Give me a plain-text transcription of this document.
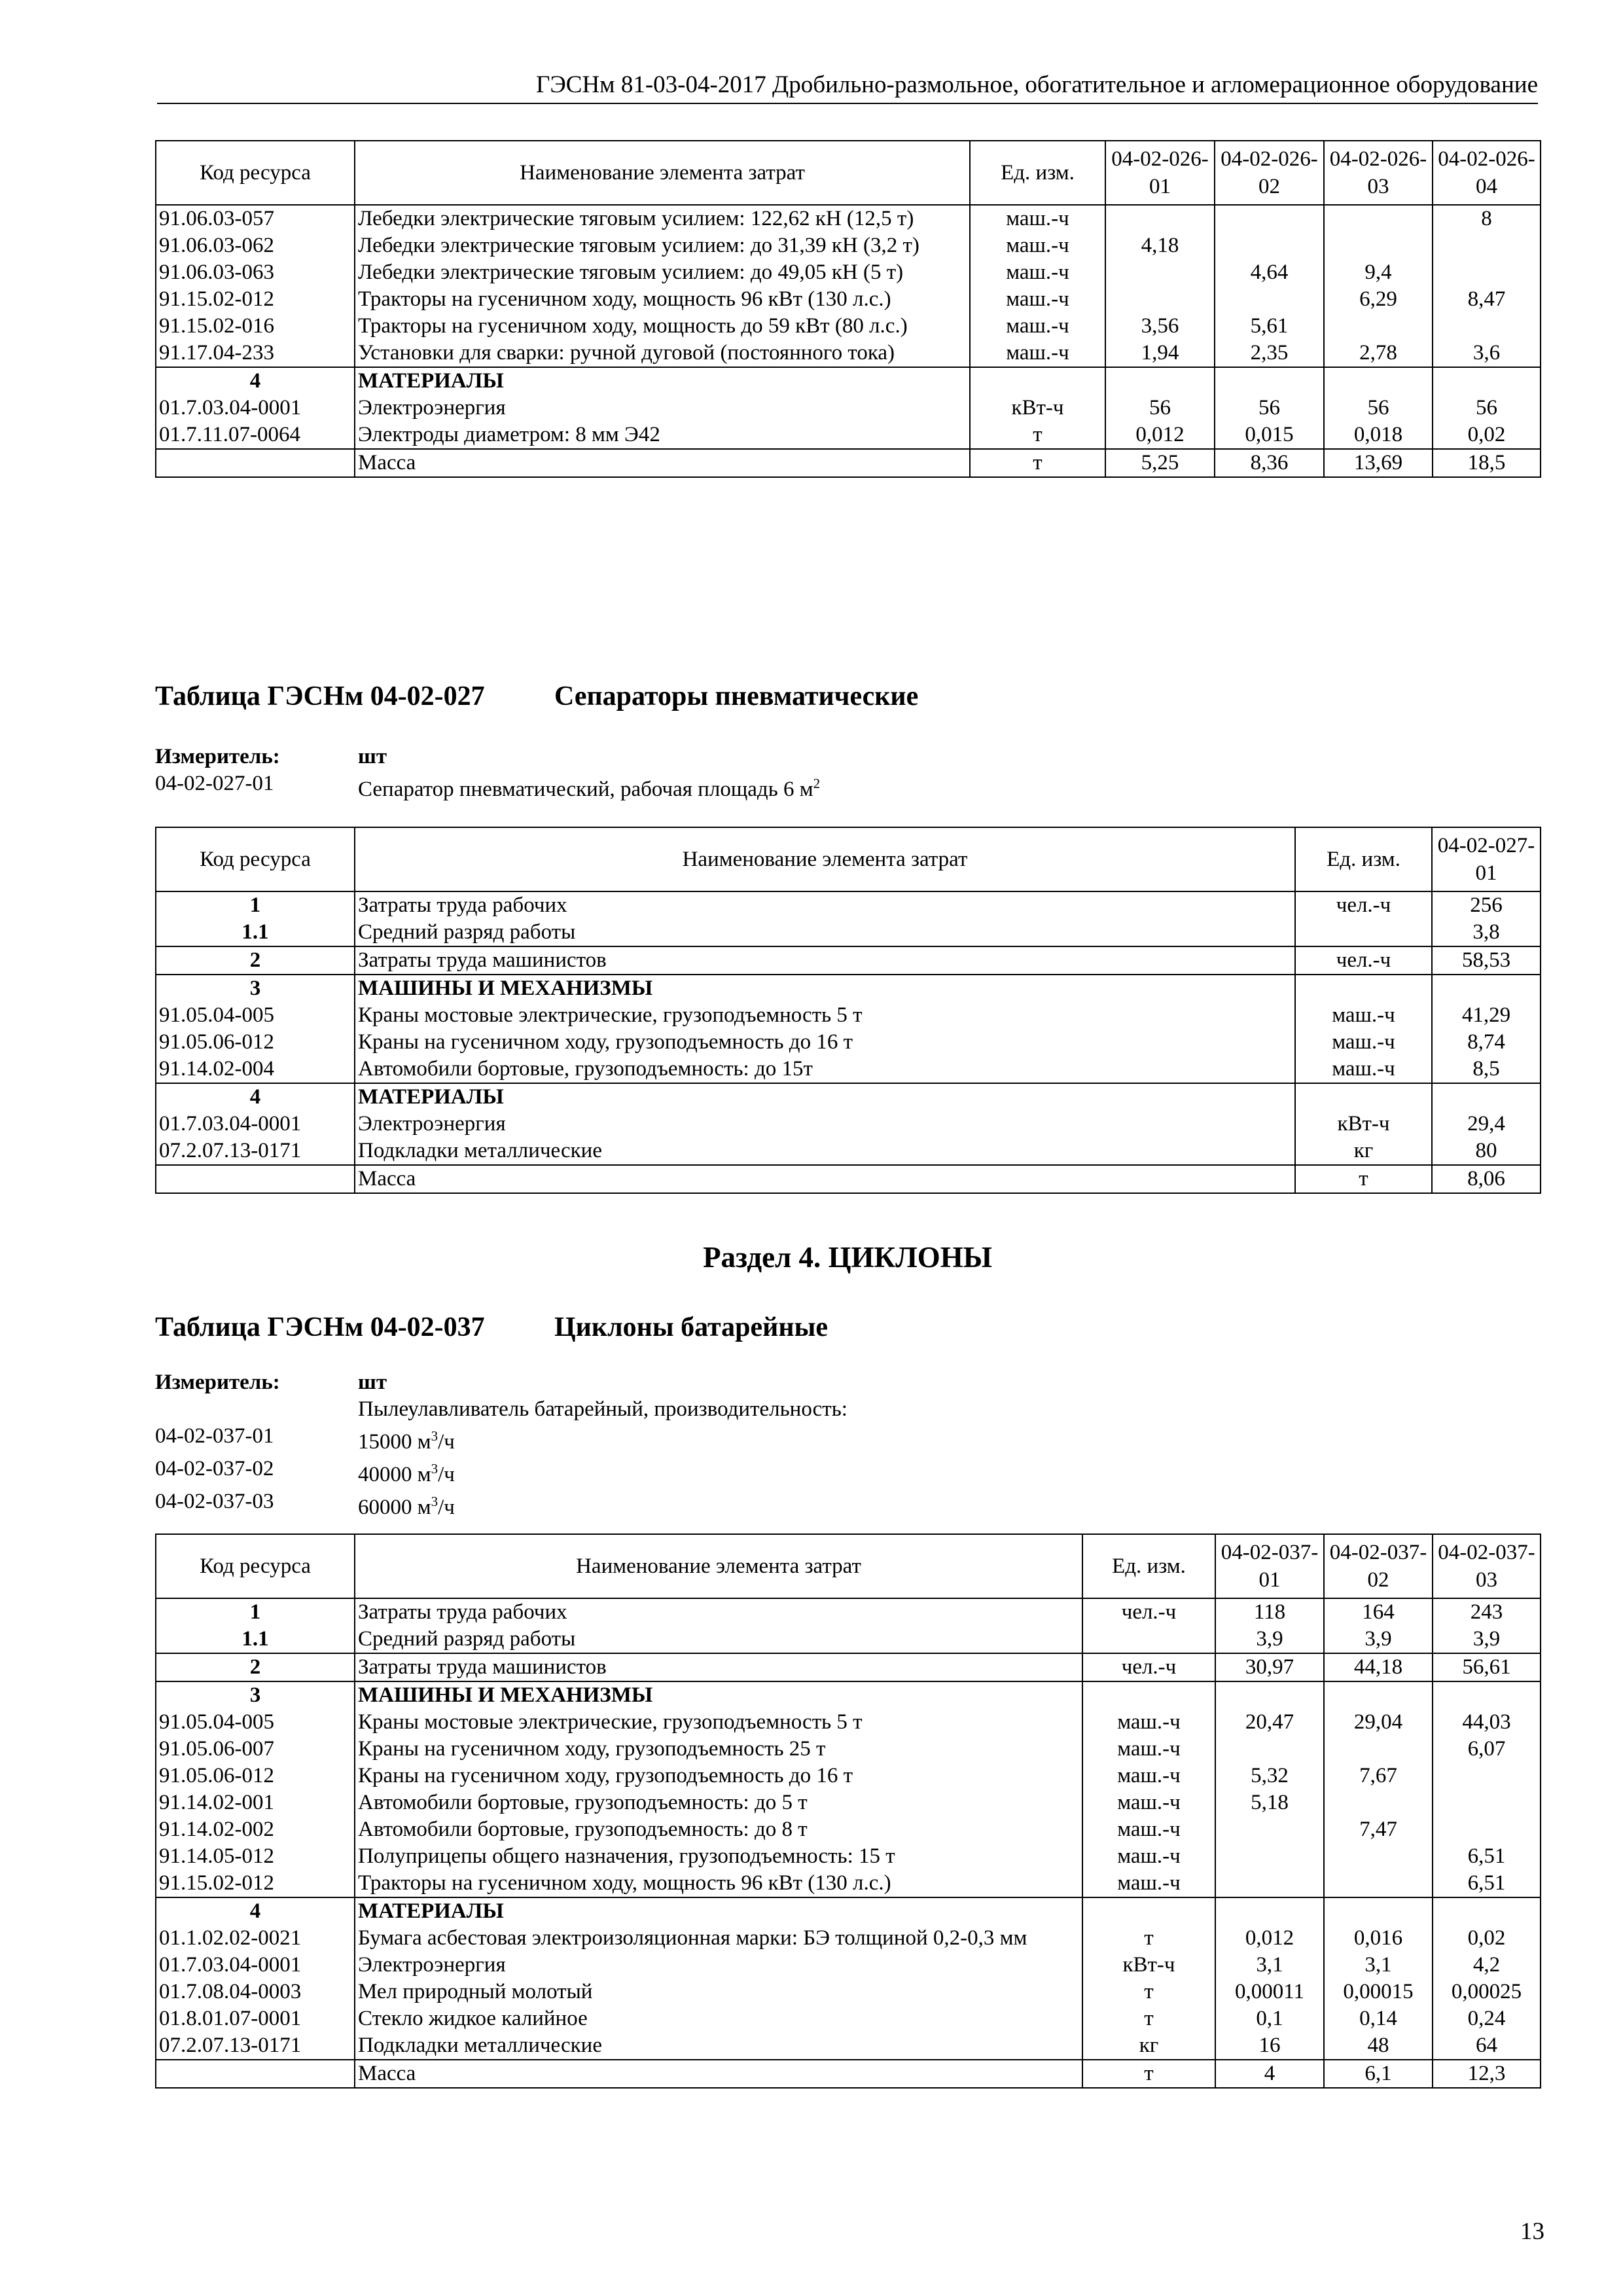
ГЭСНм 81-03-04-2017 Дробильно-размольное, обогатительное и агломерационное оборудование
Код ресурса	Наименование элемента затрат	Ед. изм.	04-02-026-01	04-02-026-02	04-02-026-03	04-02-026-04
91.06.03-057	Лебедки электрические тяговым усилием: 122,62 кН (12,5 т)	маш.-ч				8
91.06.03-062	Лебедки электрические тяговым усилием: до 31,39 кН (3,2 т)	маш.-ч	4,18			
91.06.03-063	Лебедки электрические тяговым усилием: до 49,05 кН (5 т)	маш.-ч		4,64	9,4	
91.15.02-012	Тракторы на гусеничном ходу, мощность 96 кВт (130 л.с.)	маш.-ч			6,29	8,47
91.15.02-016	Тракторы на гусеничном ходу, мощность до 59 кВт (80 л.с.)	маш.-ч	3,56	5,61		
91.17.04-233	Установки для сварки: ручной дуговой (постоянного тока)	маш.-ч	1,94	2,35	2,78	3,6
4	МАТЕРИАЛЫ					
01.7.03.04-0001	Электроэнергия	кВт-ч	56	56	56	56
01.7.11.07-0064	Электроды диаметром: 8 мм Э42	т	0,012	0,015	0,018	0,02
	Масса	т	5,25	8,36	13,69	18,5
Таблица ГЭСНм 04-02-027	Сепараторы пневматические
Измеритель:	шт
04-02-027-01	Сепаратор пневматический, рабочая площадь 6 $м^2$
Код ресурса	Наименование элемента затрат	Ед. изм.	04-02-027-01
1	Затраты труда рабочих	чел.-ч	256
1.1	Средний разряд работы		3,8
2	Затраты труда машинистов	чел.-ч	58,53
3	МАШИНЫ И МЕХАНИЗМЫ		
91.05.04-005	Краны мостовые электрические, грузоподъемность 5 т	маш.-ч	41,29
91.05.06-012	Краны на гусеничном ходу, грузоподъемность до 16 т	маш.-ч	8,74
91.14.02-004	Автомобили бортовые, грузоподъемность: до 15т	маш.-ч	8,5
4	МАТЕРИАЛЫ		
01.7.03.04-0001	Электроэнергия	кВт-ч	29,4
07.2.07.13-0171	Подкладки металлические	кг	80
	Масса	т	8,06
Раздел 4. ЦИКЛОНЫ
Таблица ГЭСНм 04-02-037	Циклоны батарейные
Измеритель:	шт
Пылеулавливатель батарейный, производительность:
04-02-037-01	15000 $м^3/ч$
04-02-037-02	40000 $м^3/ч$
04-02-037-03	60000 $м^3/ч$
Код ресурса	Наименование элемента затрат	Ед. изм.	04-02-037-01	04-02-037-02	04-02-037-03
1	Затраты труда рабочих	чел.-ч	118	164	243
1.1	Средний разряд работы		3,9	3,9	3,9
2	Затраты труда машинистов	чел.-ч	30,97	44,18	56,61
3	МАШИНЫ И МЕХАНИЗМЫ				
91.05.04-005	Краны мостовые электрические, грузоподъемность 5 т	маш.-ч	20,47	29,04	44,03
91.05.06-007	Краны на гусеничном ходу, грузоподъемность 25 т	маш.-ч			6,07
91.05.06-012	Краны на гусеничном ходу, грузоподъемность до 16 т	маш.-ч	5,32	7,67	
91.14.02-001	Автомобили бортовые, грузоподъемность: до 5 т	маш.-ч	5,18		
91.14.02-002	Автомобили бортовые, грузоподъемность: до 8 т	маш.-ч		7,47	
91.14.05-012	Полуприцепы общего назначения, грузоподъемность: 15 т	маш.-ч			6,51
91.15.02-012	Тракторы на гусеничном ходу, мощность 96 кВт (130 л.с.)	маш.-ч			6,51
4	МАТЕРИАЛЫ				
01.1.02.02-0021	Бумага асбестовая электроизоляционная марки: БЭ толщиной 0,2-0,3 мм	т	0,012	0,016	0,02
01.7.03.04-0001	Электроэнергия	кВт-ч	3,1	3,1	4,2
01.7.08.04-0003	Мел природный молотый	т	0,00011	0,00015	0,00025
01.8.01.07-0001	Стекло жидкое калийное	т	0,1	0,14	0,24
07.2.07.13-0171	Подкладки металлические	кг	16	48	64
	Масса	т	4	6,1	12,3
13
